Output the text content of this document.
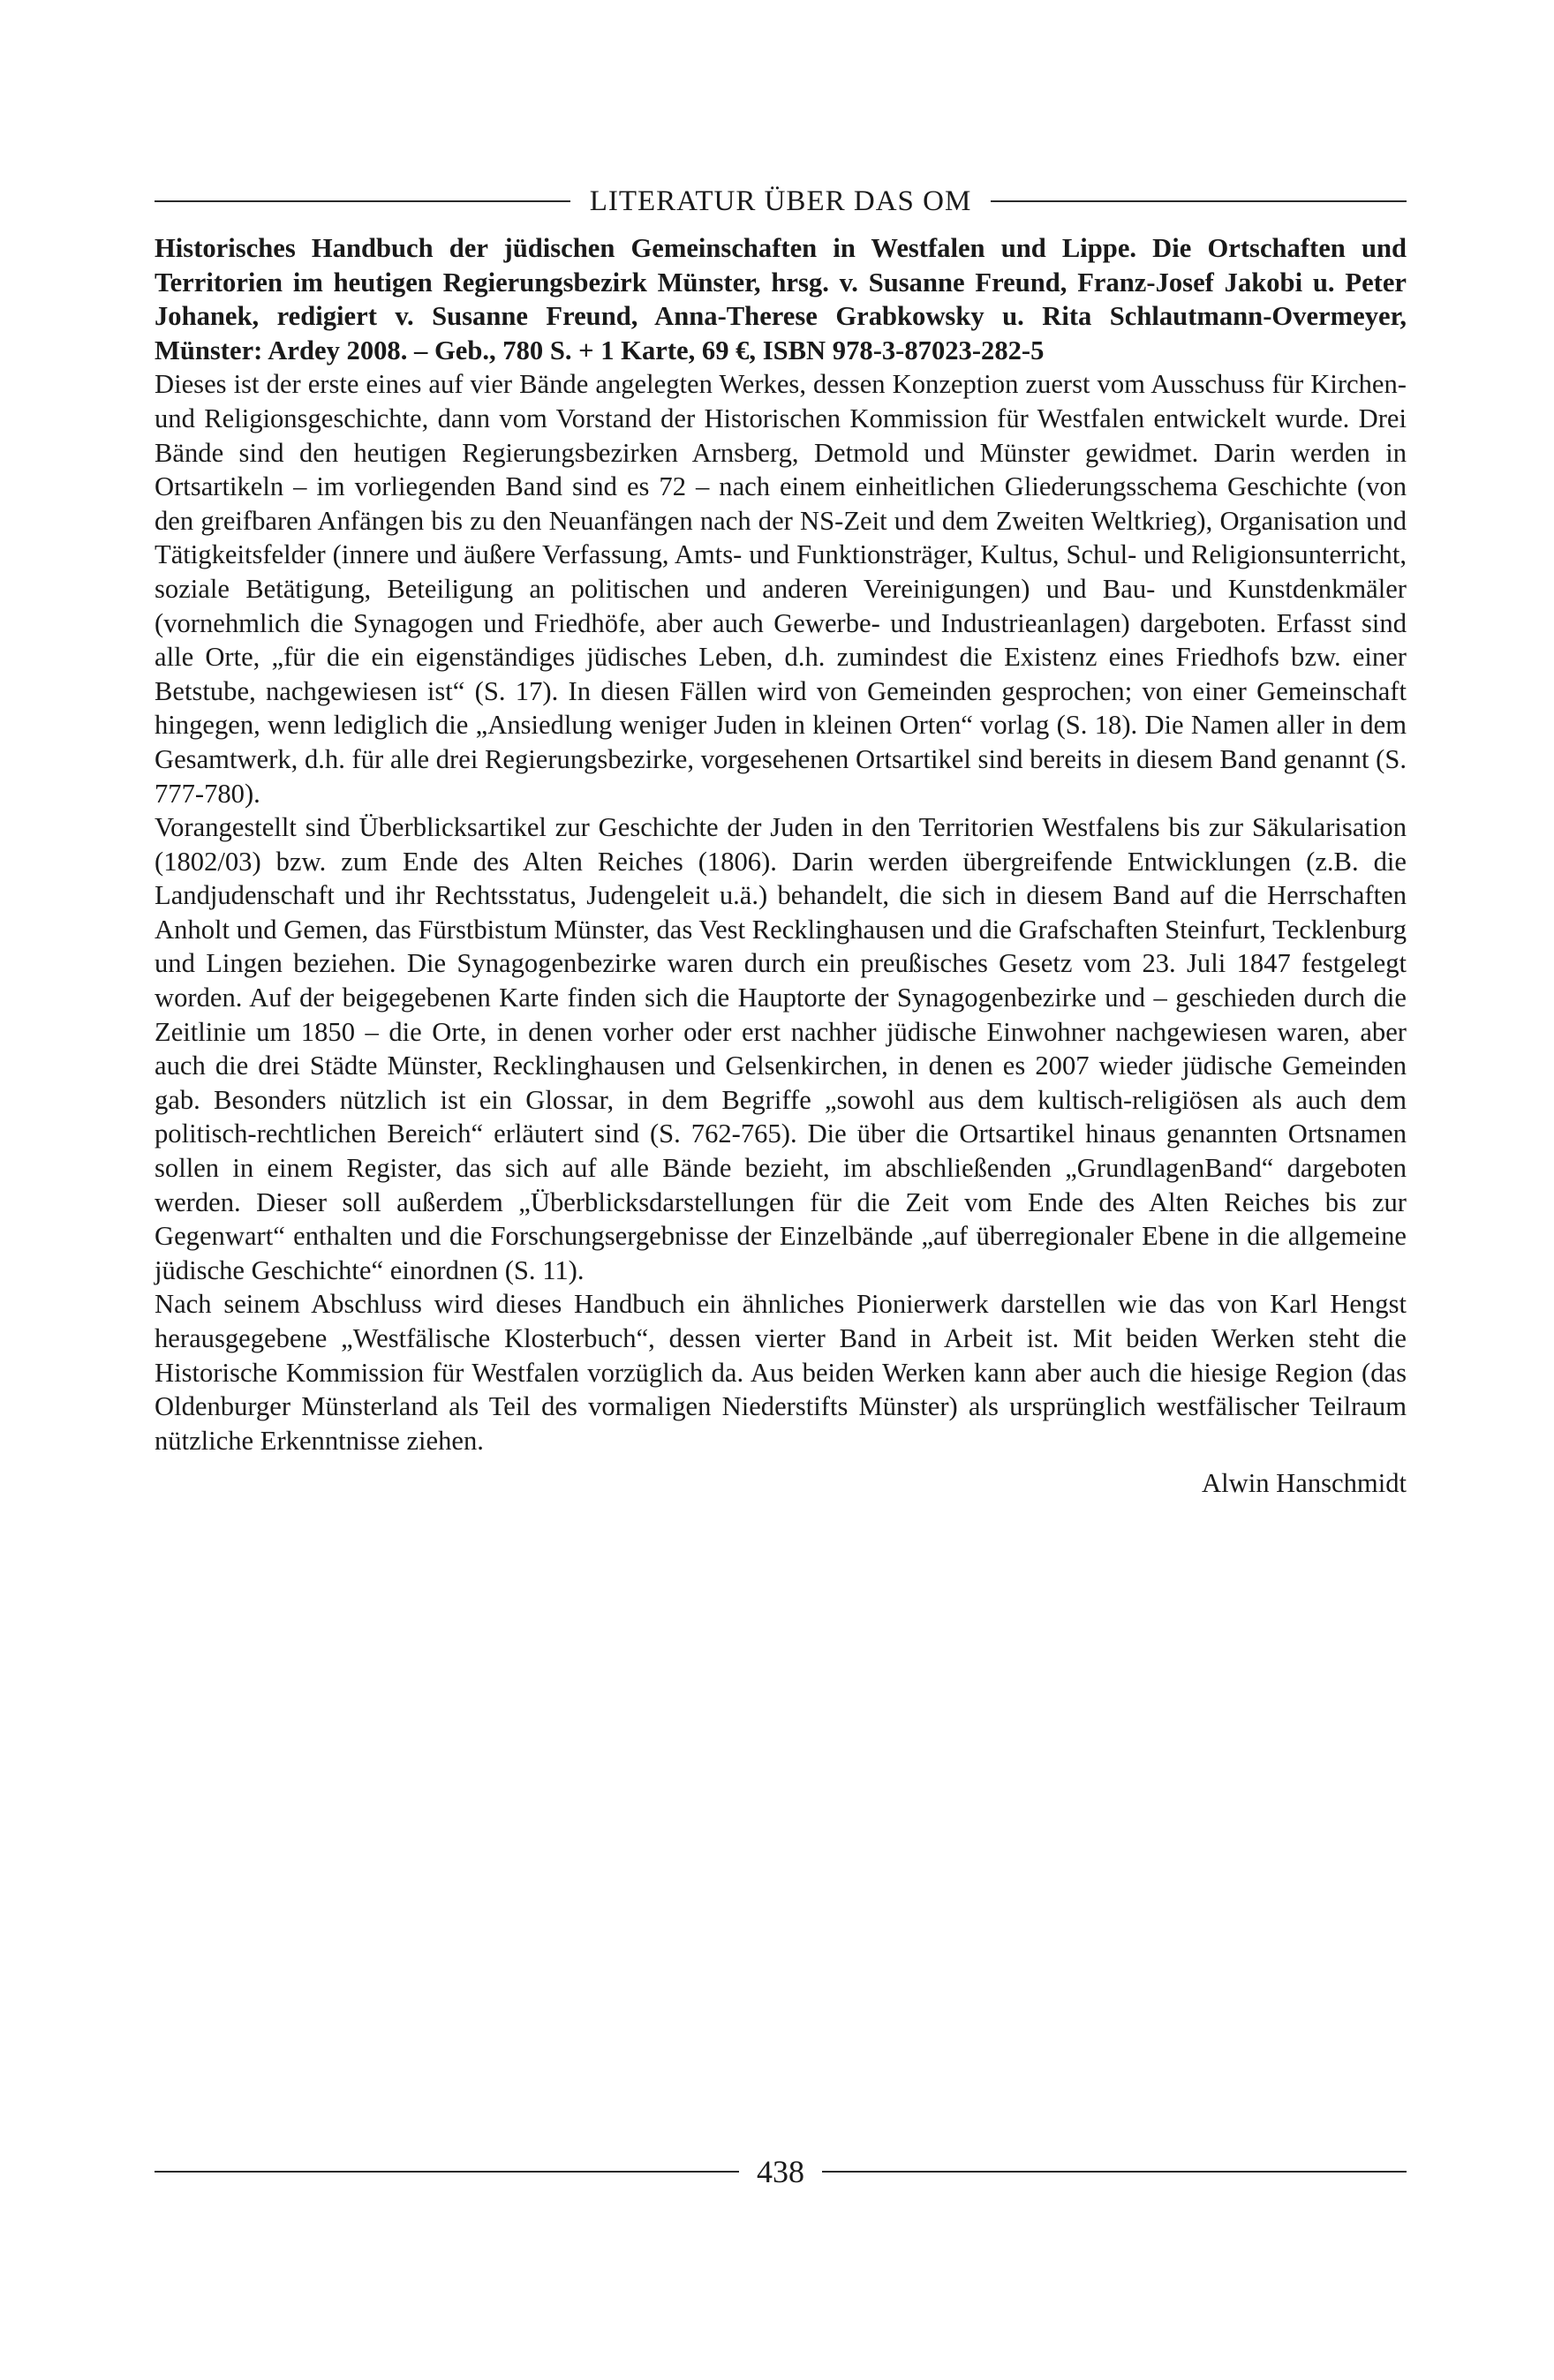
LITERATUR ÜBER DAS OM

Historisches Handbuch der jüdischen Gemeinschaften in Westfalen und Lippe. Die Ortschaften und Territorien im heutigen Regierungsbezirk Münster, hrsg. v. Susanne Freund, Franz-Josef Jakobi u. Peter Johanek, redigiert v. Susanne Freund, Anna-Therese Grabkowsky u. Rita Schlautmann-Overmeyer, Münster: Ardey 2008. – Geb., 780 S. + 1 Karte, 69 €, ISBN 978-3-87023-282-5

Dieses ist der erste eines auf vier Bände angelegten Werkes, dessen Konzeption zuerst vom Ausschuss für Kirchen- und Religionsgeschichte, dann vom Vorstand der Historischen Kommission für Westfalen entwickelt wurde. Drei Bände sind den heutigen Regierungsbezirken Arnsberg, Detmold und Münster gewidmet. Darin werden in Ortsartikeln – im vorliegenden Band sind es 72 – nach einem einheitlichen Gliederungsschema Geschichte (von den greifbaren Anfängen bis zu den Neuanfängen nach der NS-Zeit und dem Zweiten Weltkrieg), Organisation und Tätigkeitsfelder (innere und äußere Verfassung, Amts- und Funktionsträger, Kultus, Schul- und Religionsunterricht, soziale Betätigung, Beteiligung an politischen und anderen Vereinigungen) und Bau- und Kunstdenkmäler (vornehmlich die Synagogen und Friedhöfe, aber auch Gewerbe- und Industrieanlagen) dargeboten. Erfasst sind alle Orte, „für die ein eigenständiges jüdisches Leben, d.h. zumindest die Existenz eines Friedhofs bzw. einer Betstube, nachgewiesen ist“ (S. 17). In diesen Fällen wird von Gemeinden gesprochen; von einer Gemeinschaft hingegen, wenn lediglich die „Ansiedlung weniger Juden in kleinen Orten“ vorlag (S. 18). Die Namen aller in dem Gesamtwerk, d.h. für alle drei Regierungsbezirke, vorgesehenen Ortsartikel sind bereits in diesem Band genannt (S. 777-780).

Vorangestellt sind Überblicksartikel zur Geschichte der Juden in den Territorien Westfalens bis zur Säkularisation (1802/03) bzw. zum Ende des Alten Reiches (1806). Darin werden übergreifende Entwicklungen (z.B. die Landjudenschaft und ihr Rechtsstatus, Judengeleit u.ä.) behandelt, die sich in diesem Band auf die Herrschaften Anholt und Gemen, das Fürstbistum Münster, das Vest Recklinghausen und die Grafschaften Steinfurt, Tecklenburg und Lingen beziehen. Die Synagogenbezirke waren durch ein preußisches Gesetz vom 23. Juli 1847 festgelegt worden. Auf der beigegebenen Karte finden sich die Hauptorte der Synagogenbezirke und – geschieden durch die Zeitlinie um 1850 – die Orte, in denen vorher oder erst nachher jüdische Einwohner nachgewiesen waren, aber auch die drei Städte Münster, Recklinghausen und Gelsenkirchen, in denen es 2007 wieder jüdische Gemeinden gab. Besonders nützlich ist ein Glossar, in dem Begriffe „sowohl aus dem kultisch-religiösen als auch dem politisch-rechtlichen Bereich“ erläutert sind (S. 762-765). Die über die Ortsartikel hinaus genannten Ortsnamen sollen in einem Register, das sich auf alle Bände bezieht, im abschließenden „GrundlagenBand“ dargeboten werden. Dieser soll außerdem „Überblicksdarstellungen für die Zeit vom Ende des Alten Reiches bis zur Gegenwart“ enthalten und die Forschungsergebnisse der Einzelbände „auf überregionaler Ebene in die allgemeine jüdische Geschichte“ einordnen (S. 11).

Nach seinem Abschluss wird dieses Handbuch ein ähnliches Pionierwerk darstellen wie das von Karl Hengst herausgegebene „Westfälische Klosterbuch“, dessen vierter Band in Arbeit ist. Mit beiden Werken steht die Historische Kommission für Westfalen vorzüglich da. Aus beiden Werken kann aber auch die hiesige Region (das Oldenburger Münsterland als Teil des vormaligen Niederstifts Münster) als ursprünglich westfälischer Teilraum nützliche Erkenntnisse ziehen.

Alwin Hanschmidt

438
